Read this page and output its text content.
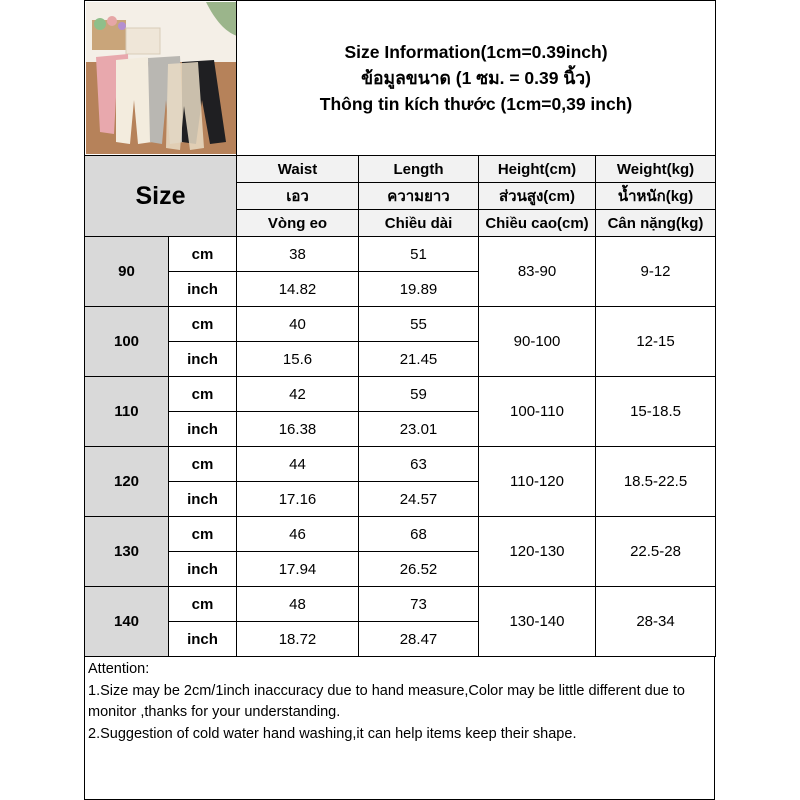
Size Information(1cm=0.39inch)
ข้อมูลขนาด (1 ซม. = 0.39 นิ้ว)
Thông tin kích thước (1cm=0,39 inch)			

Size		Waist	Length	Height(cm)	Weight(kg)
		เอว	ความยาว	ส่วนสูง(cm)	น้ำหนัก(kg)
		Vòng eo	Chiều dài	Chiều cao(cm)	Cân nặng(kg)
90	cm	38	51	83-90	9-12
	inch	14.82	19.89		
100	cm	40	55	90-100	12-15
	inch	15.6	21.45		
110	cm	42	59	100-110	15-18.5
	inch	16.38	23.01		
120	cm	44	63	110-120	18.5-22.5
	inch	17.16	24.57		
130	cm	46	68	120-130	22.5-28
	inch	17.94	26.52		
140	cm	48	73	130-140	28-34
	inch	18.72	28.47		
Attention:
1.Size may be 2cm/1inch inaccuracy due to hand measure,Color may be little different due to monitor ,thanks for your understanding.
2.Suggestion of cold water hand washing,it can help items keep their shape.
